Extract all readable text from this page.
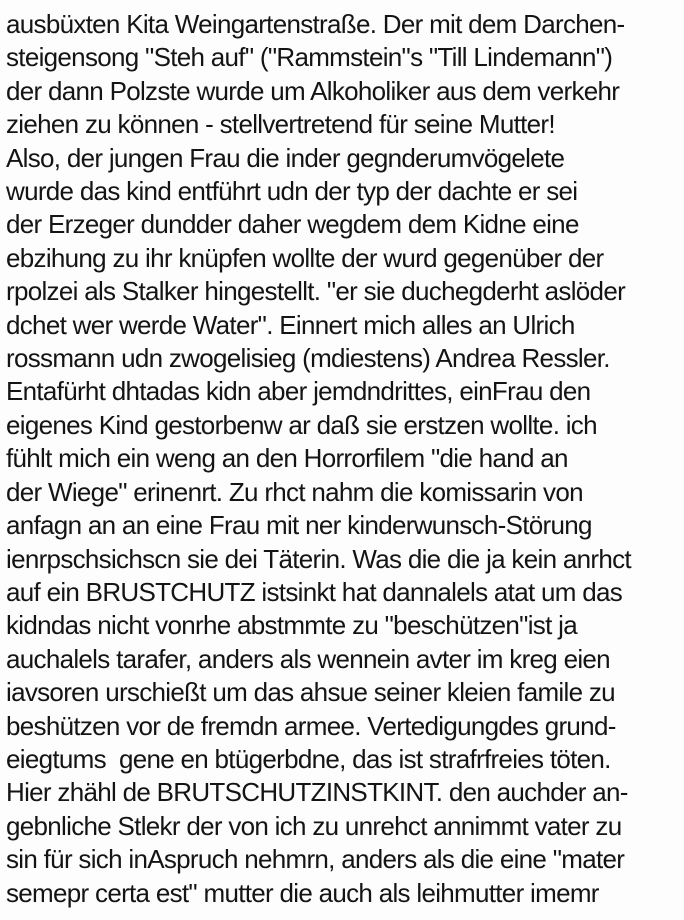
ausbüxten Kita Weingartenstraße. Der mit dem Darchen-
steigensong "Steh auf" ("Rammstein"s "Till Lindemann")
der dann Polzste wurde um Alkoholiker aus dem verkehr
ziehen zu können - stellvertretend für seine Mutter!
Also, der jungen Frau die inder gegnderumvögelete
wurde das kind entführt udn der typ der dachte er sei
der Erzeger dundder daher wegdem dem Kidne eine
ebzihung zu ihr knüpfen wollte der wurd gegenüber der
rpolzei als Stalker hingestellt. "er sie duchegderht aslöder
dchet wer werde Water". Einnert mich alles an Ulrich
rossmann udn zwogelisieg (mdiestens) Andrea Ressler.
Entafürht dhtadas kidn aber jemdndrittes, einFrau den
eigenes Kind gestorbenw ar daß sie erstzen wollte. ich
fühlt mich ein weng an den Horrorfilem "die hand an
der Wiege" erinenrt. Zu rhct nahm die komissarin von
anfagn an an eine Frau mit ner kinderwunsch-Störung
ienrpschsichscn sie dei Täterin. Was die die ja kein anrhct
auf ein BRUSTCHUTZ istsinkt hat dannalels atat um das
kidndas nicht vonrhe abstmmte zu "beschützen"ist ja
auchalels tarafer, anders als wennein avter im kreg eien
iavsoren urschießt um das ahsue seiner kleien famile zu
beshützen vor de fremdn armee. Vertedigungdes grund-
eiegtums  gene en btügerbdne, das ist strafrfreies töten.
Hier zhähl de BRUTSCHUTZINSTKINT. den auchder an-
gebnliche Stlekr der von ich zu unrehct annimmt vater zu
sin für sich inAspruch nehmrn, anders als die eine "mater
semepr certa est" mutter die auch als leihmutter imemr
